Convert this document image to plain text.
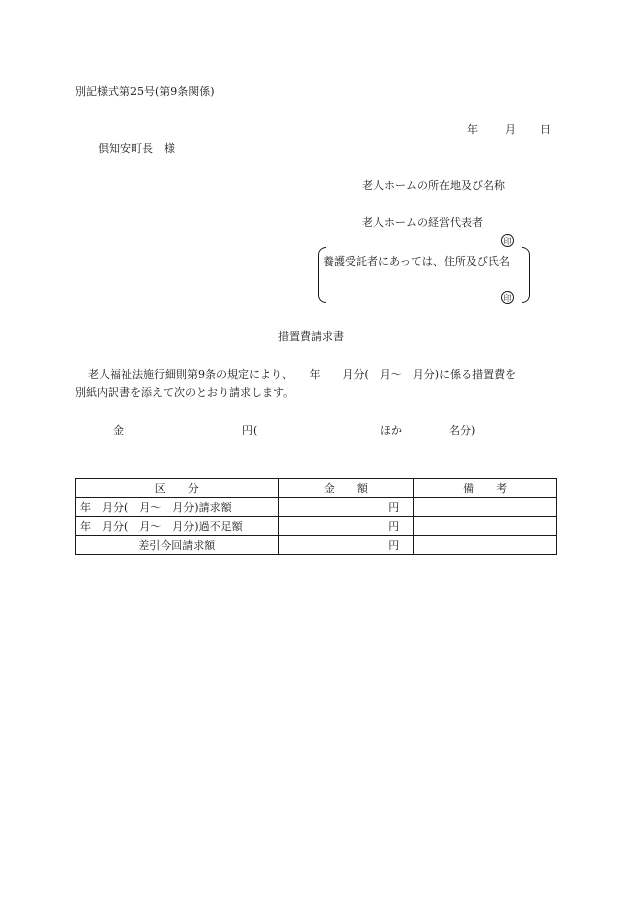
別記様式第25号(第9条関係)
年 月 日
倶知安町長　様
老人ホームの所在地及び名称
老人ホームの経営代表者
印
養護受託者にあっては、住所及び氏名
印
措置費請求書
老人福祉法施行細則第9条の規定により、　　年　　月分(　月～　月分)に係る措置費を
別紙内訳書を添えて次のとおり請求します。
金	円(	ほか	名分)
区　　分	金　　額	備　　考
年　月分(　月～　月分)請求額	円	
年　月分(　月～　月分)過不足額	円	
差引今回請求額	円	
